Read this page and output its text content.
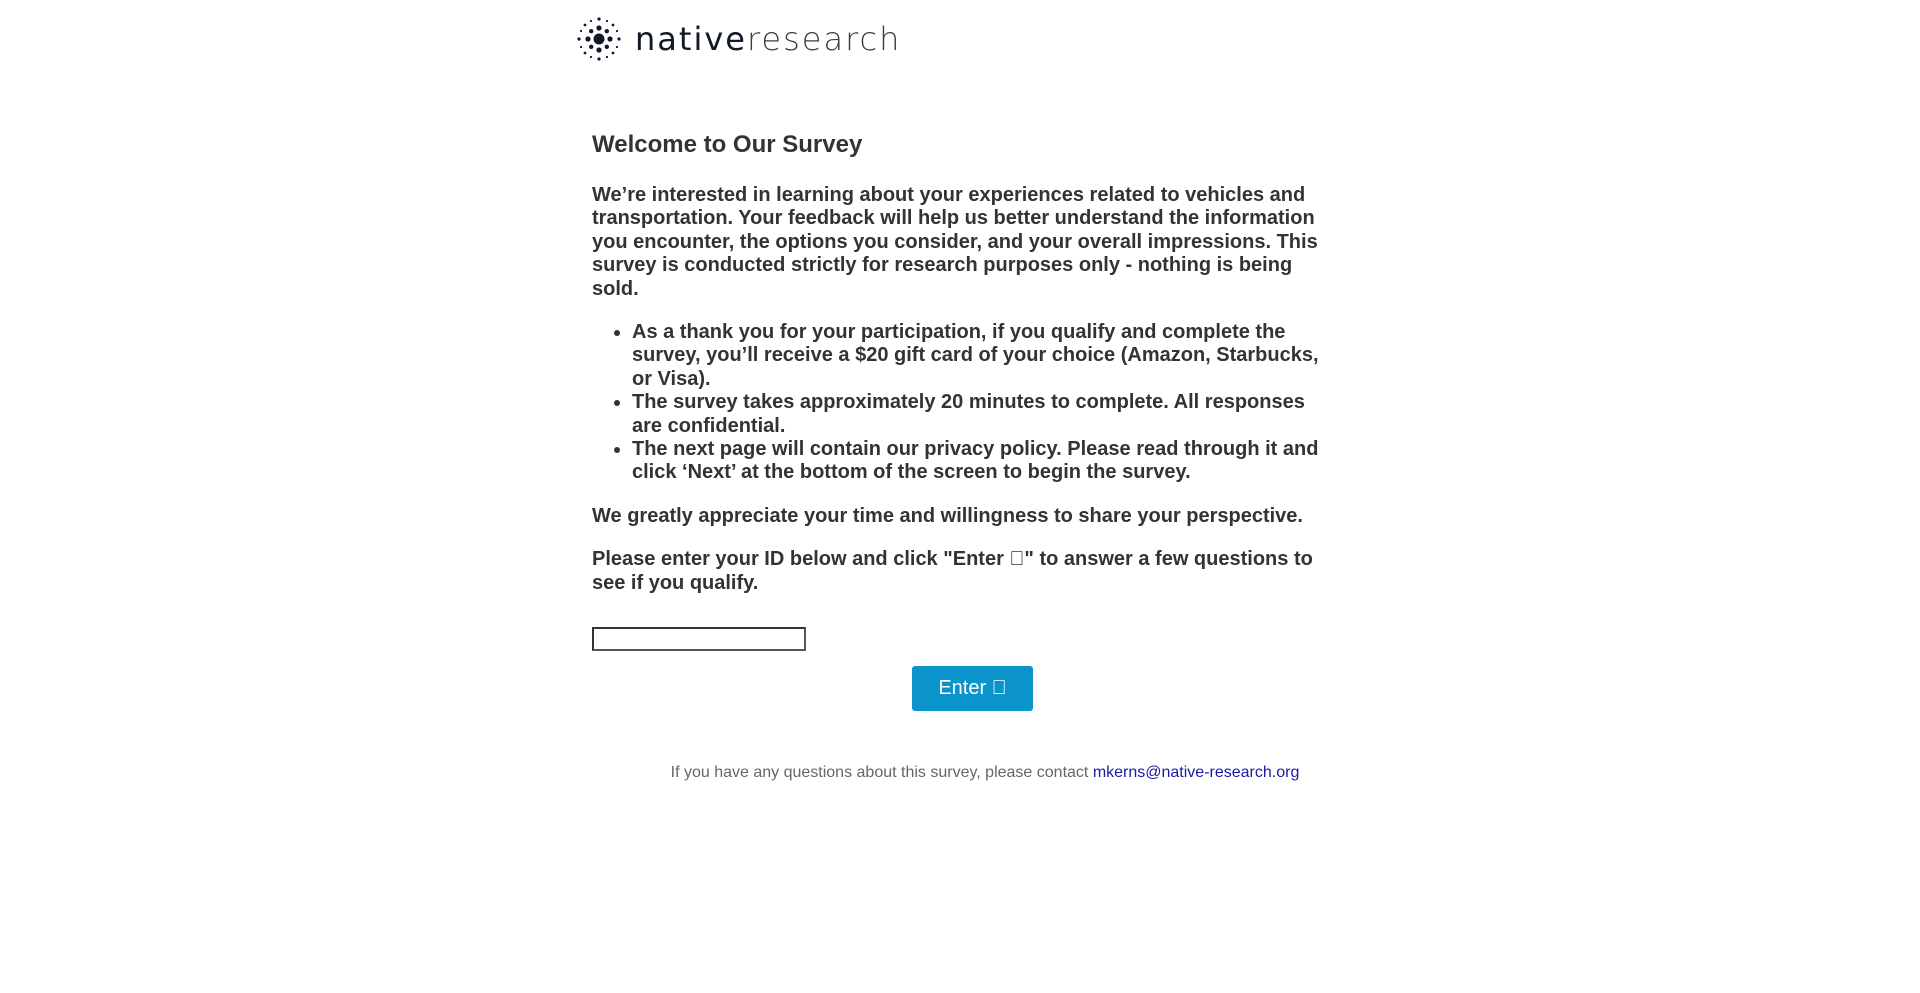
nativeresearch
Welcome to Our Survey

We’re interested in learning about your experiences related to vehicles and transportation. Your feedback will help us better understand the information you encounter, the options you consider, and your overall impressions. This survey is conducted strictly for research purposes only - nothing is being sold.

• As a thank you for your participation, if you qualify and complete the survey, you’ll receive a $20 gift card of your choice (Amazon, Starbucks, or Visa).
• The survey takes approximately 20 minutes to complete. All responses are confidential.
• The next page will contain our privacy policy. Please read through it and click ‘Next’ at the bottom of the screen to begin the survey.

We greatly appreciate your time and willingness to share your perspective.

Please enter your ID below and click "Enter " to answer a few questions to see if you qualify.

Enter
If you have any questions about this survey, please contact mkerns@native-research.org
